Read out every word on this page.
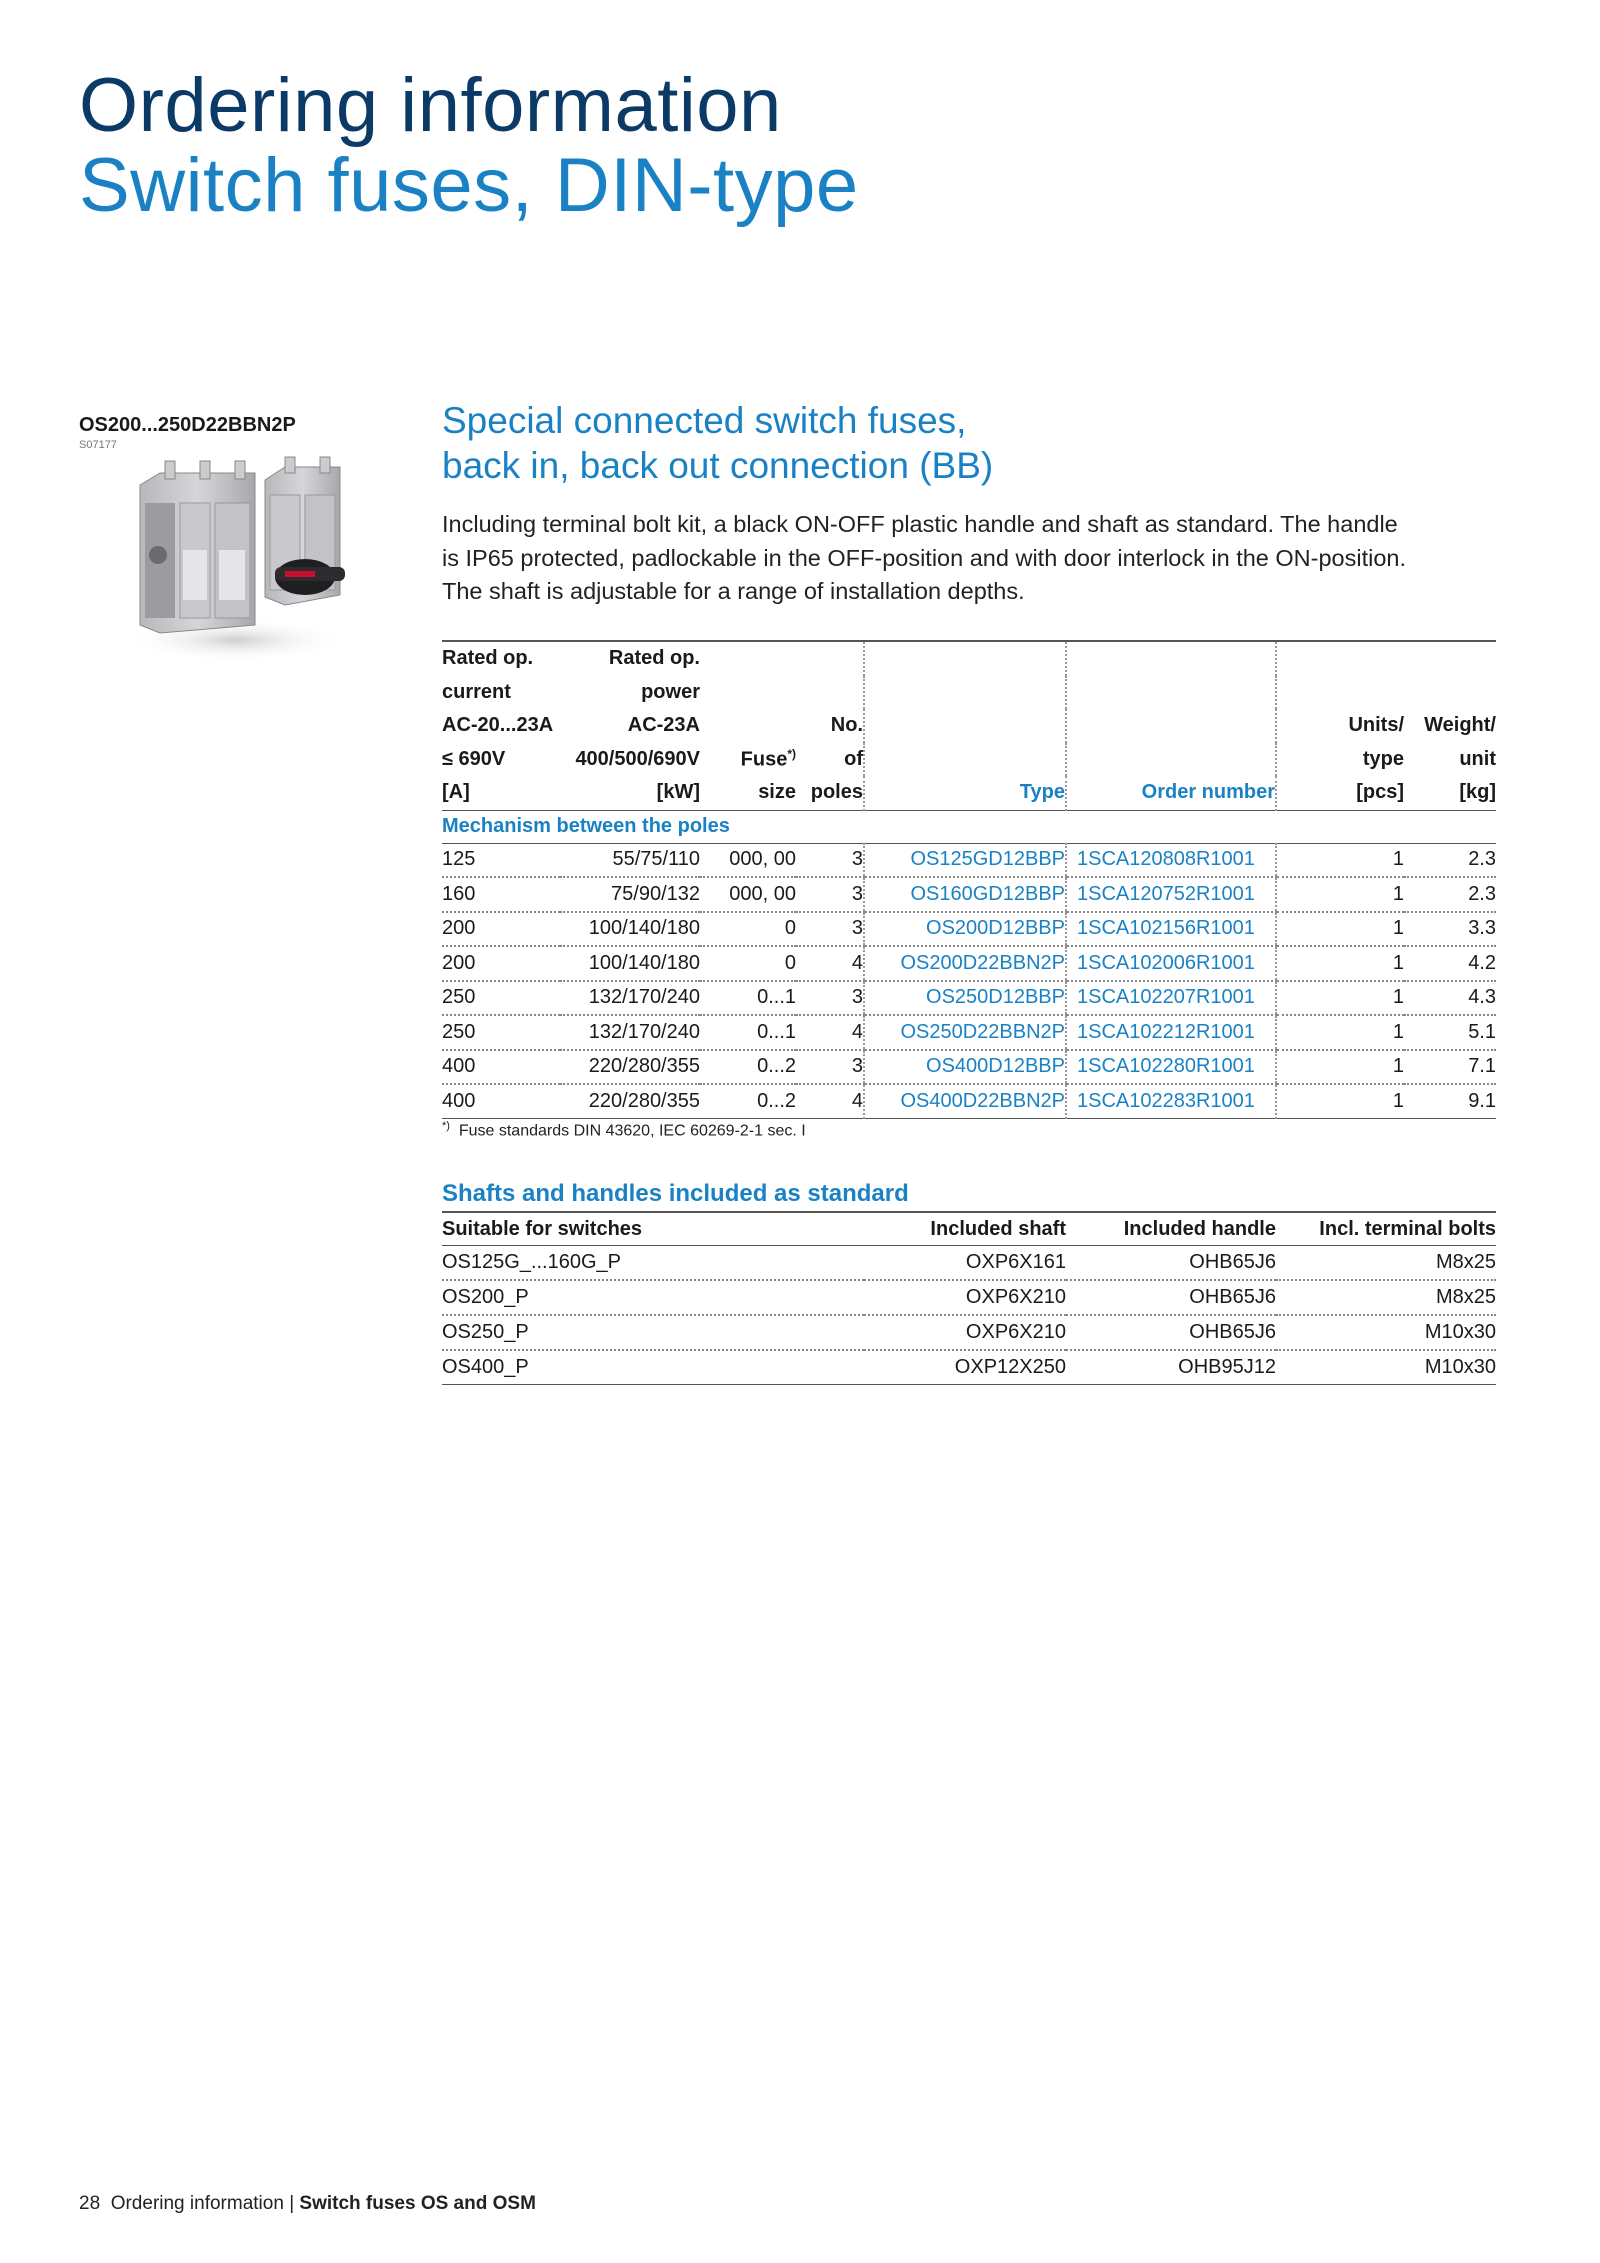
Ordering information
Switch fuses, DIN-type
OS200...250D22BBN2P
S07177
Special connected switch fuses,
back in, back out connection (BB)

Including terminal bolt kit, a black ON-OFF plastic handle and shaft as standard. The handle
is IP65 protected, padlockable in the OFF-position and with door interlock in the ON-position.
The shaft is adjustable for a range of installation depths.

Rated op.	Rated op.						
current	power						
AC-20...23A	AC-23A		No.			Units/	Weight/
≤ 690V	400/500/690V	Fuse*)	of			type	unit
[A]	[kW]	size	poles	Type	Order number	[pcs]	[kg]
Mechanism between the poles							
125	55/75/110	000, 00	3	OS125GD12BBP	1SCA120808R1001	1	2.3
160	75/90/132	000, 00	3	OS160GD12BBP	1SCA120752R1001	1	2.3
200	100/140/180	0	3	OS200D12BBP	1SCA102156R1001	1	3.3
200	100/140/180	0	4	OS200D22BBN2P	1SCA102006R1001	1	4.2
250	132/170/240	0...1	3	OS250D12BBP	1SCA102207R1001	1	4.3
250	132/170/240	0...1	4	OS250D22BBN2P	1SCA102212R1001	1	5.1
400	220/280/355	0...2	3	OS400D12BBP	1SCA102280R1001	1	7.1
400	220/280/355	0...2	4	OS400D22BBN2P	1SCA102283R1001	1	9.1
*) Fuse standards DIN 43620, IEC 60269-2-1 sec. I
Shafts and handles included as standard
Suitable for switches	Included shaft	Included handle	Incl. terminal bolts
OS125G_...160G_P	OXP6X161	OHB65J6	M8x25
OS200_P	OXP6X210	OHB65J6	M8x25
OS250_P	OXP6X210	OHB65J6	M10x30
OS400_P	OXP12X250	OHB95J12	M10x30
28 Ordering information | Switch fuses OS and OSM
